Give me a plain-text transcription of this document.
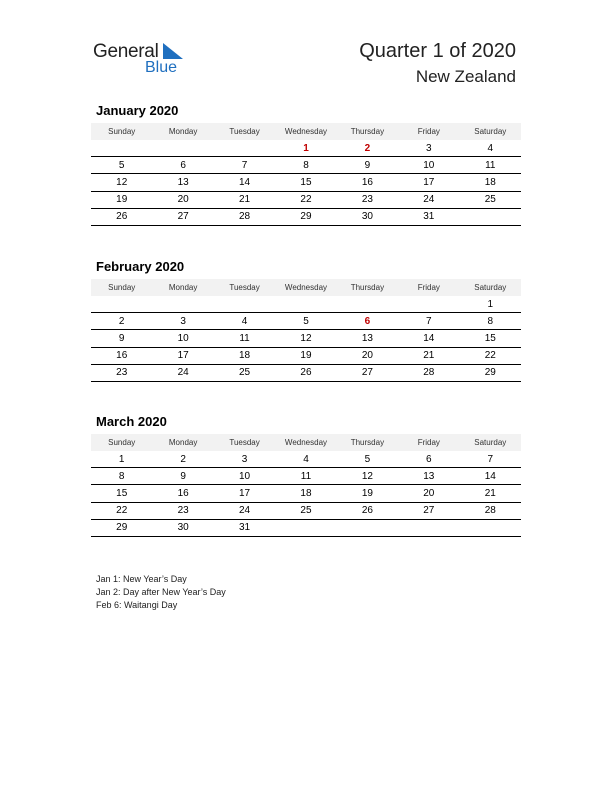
General
Blue
Quarter 1 of 2020
New Zealand
January 2020
Sunday	Monday	Tuesday	Wednesday	Thursday	Friday	Saturday
			1	2	3	4
5	6	7	8	9	10	11
12	13	14	15	16	17	18
19	20	21	22	23	24	25
26	27	28	29	30	31	
February 2020
Sunday	Monday	Tuesday	Wednesday	Thursday	Friday	Saturday
						1
2	3	4	5	6	7	8
9	10	11	12	13	14	15
16	17	18	19	20	21	22
23	24	25	26	27	28	29
March 2020
Sunday	Monday	Tuesday	Wednesday	Thursday	Friday	Saturday
1	2	3	4	5	6	7
8	9	10	11	12	13	14
15	16	17	18	19	20	21
22	23	24	25	26	27	28
29	30	31				
Jan 1: New Year’s Day
Jan 2: Day after New Year’s Day
Feb 6: Waitangi Day
